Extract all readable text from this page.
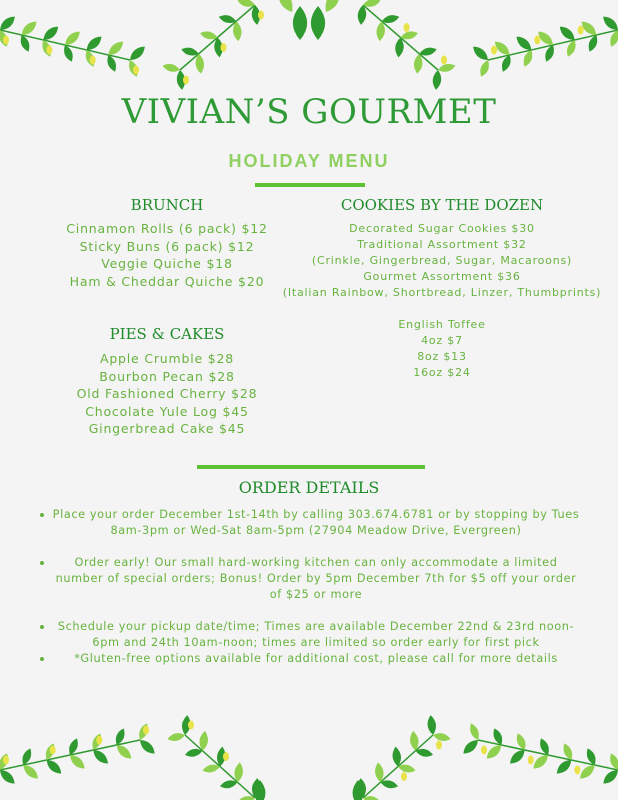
VIVIAN’S GOURMET
HOLIDAY MENU
BRUNCH
Cinnamon Rolls (6 pack) $12
Sticky Buns (6 pack) $12
Veggie Quiche $18
Ham & Cheddar Quiche $20
COOKIES BY THE DOZEN
Decorated Sugar Cookies $30
Traditional Assortment $32
(Crinkle, Gingerbread, Sugar, Macaroons)
Gourmet Assortment $36
(Italian Rainbow, Shortbread, Linzer, Thumbprints)
PIES & CAKES
Apple Crumble $28
Bourbon Pecan $28
Old Fashioned Cherry $28
Chocolate Yule Log $45
Gingerbread Cake $45
English Toffee
4oz $7
8oz $13
16oz $24
ORDER DETAILS
Place your order December 1st-14th by calling 303.674.6781 or by stopping by Tues 8am-3pm or Wed-Sat 8am-5pm (27904 Meadow Drive, Evergreen)
Order early! Our small hard-working kitchen can only accommodate a limited number of special orders; Bonus! Order by 5pm December 7th for $5 off your order of $25 or more
Schedule your pickup date/time; Times are available December 22nd & 23rd noon-6pm and 24th 10am-noon; times are limited so order early for first pick
*Gluten-free options available for additional cost, please call for more details
